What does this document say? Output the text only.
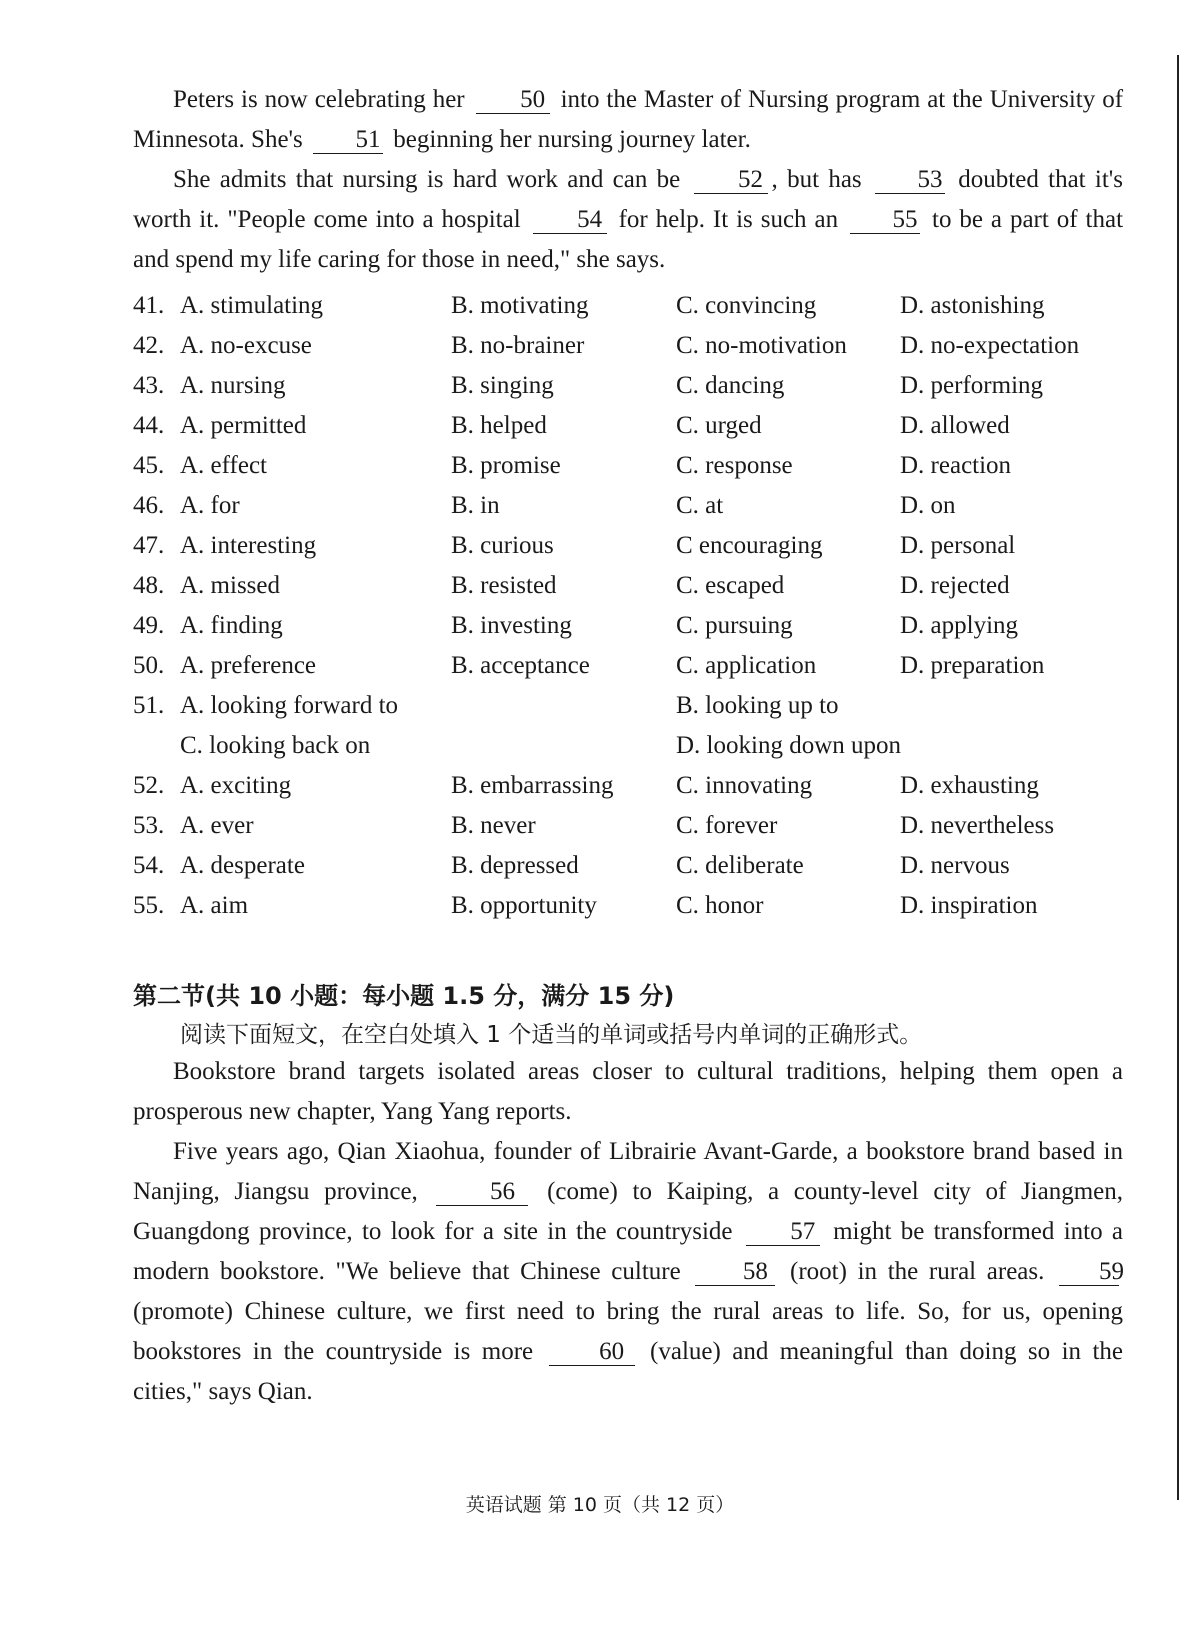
Peters is now celebrating her 50 into the Master of Nursing program at the University of Minnesota. She's 51 beginning her nursing journey later.

She admits that nursing is hard work and can be 52 , but has 53 doubted that it's worth it. "People come into a hospital 54 for help. It is such an 55 to be a part of that and spend my life caring for those in need," she says.

41. A. stimulating	B. motivating	C. convincing	D. astonishing
42. A. no-excuse	B. no-brainer	C. no-motivation D. no-expectation
43. A. nursing	B. singing	C. dancing	D. performing
44. A. permitted	B. helped	C. urged	D. allowed
45. A. effect	B. promise	C. response	D. reaction
46. A. for	B. in	C. at	D. on
47. A. interesting	B. curious	C encouraging	D. personal
48. A. missed	B. resisted	C. escaped	D. rejected
49. A. finding	B. investing	C. pursuing	D. applying
50. A. preference	B. acceptance	C. application	D. preparation
51. A. looking forward to	B. looking up to
C. looking back on	D. looking down upon
52. A. exciting	B. embarrassing	C. innovating	D. exhausting
53. A. ever	B. never	C. forever	D. nevertheless
54. A. desperate	B. depressed	C. deliberate	D. nervous
55. A. aim	B. opportunity	C. honor	D. inspiration
第二节(共 10 小题：每小题 1.5 分，满分 15 分)
阅读下面短文，在空白处填入 1 个适当的单词或括号内单词的正确形式。

Bookstore brand targets isolated areas closer to cultural traditions, helping them open a prosperous new chapter, Yang Yang reports.

Five years ago, Qian Xiaohua, founder of Librairie Avant-Garde, a bookstore brand based in Nanjing, Jiangsu province,	56 (come) to Kaiping, a county-level city of Jiangmen, Guangdong province, to look for a site in the countryside 57 might be transformed into a modern bookstore. "We believe that Chinese culture 58 (root) in the rural areas. 59 (promote) Chinese culture, we first need to bring the rural areas to life. So, for us, opening bookstores in the countryside is more	60 (value) and meaningful than doing so in the cities," says Qian.

英语试题 第 10 页（共 12 页）
